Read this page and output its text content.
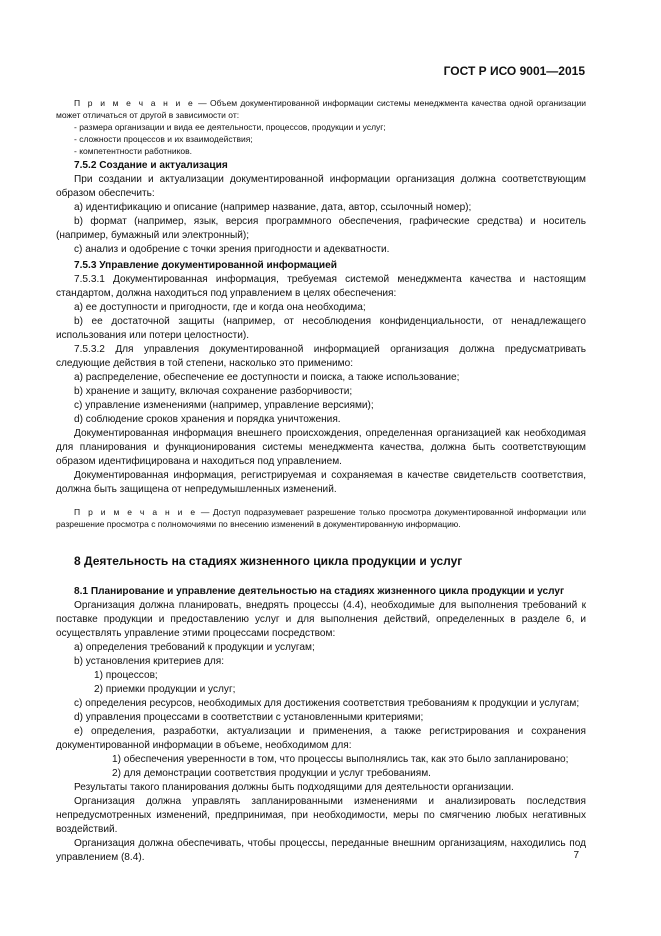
ГОСТ Р ИСО 9001—2015

П р и м е ч а н и е — Объем документированной информации системы менеджмента качества одной организации может отличаться от другой в зависимости от:

- размера организации и вида ее деятельности, процессов, продукции и услуг;

- сложности процессов и их взаимодействия;

- компетентности работников.

7.5.2 Создание и актуализация

При создании и актуализации документированной информации организация должна соответствующим образом обеспечить:

a) идентификацию и описание (например название, дата, автор, ссылочный номер);

b) формат (например, язык, версия программного обеспечения, графические средства) и носитель (например, бумажный или электронный);

c) анализ и одобрение с точки зрения пригодности и адекватности.

7.5.3 Управление документированной информацией

7.5.3.1 Документированная информация, требуемая системой менеджмента качества и настоящим стандартом, должна находиться под управлением в целях обеспечения:

a) ее доступности и пригодности, где и когда она необходима;

b) ее достаточной защиты (например, от несоблюдения конфиденциальности, от ненадлежащего использования или потери целостности).

7.5.3.2 Для управления документированной информацией организация должна предусматривать следующие действия в той степени, насколько это применимо:

a) распределение, обеспечение ее доступности и поиска, а также использование;

b) хранение и защиту, включая сохранение разборчивости;

c) управление изменениями (например, управление версиями);

d) соблюдение сроков хранения и порядка уничтожения.

Документированная информация внешнего происхождения, определенная организацией как необходимая для планирования и функционирования системы менеджмента качества, должна быть соответствующим образом идентифицирована и находиться под управлением.

Документированная информация, регистрируемая и сохраняемая в качестве свидетельств соответствия, должна быть защищена от непредумышленных изменений.

П р и м е ч а н и е — Доступ подразумевает разрешение только просмотра документированной информации или разрешение просмотра с полномочиями по внесению изменений в документированную информацию.

8 Деятельность на стадиях жизненного цикла продукции и услуг

8.1 Планирование и управление деятельностью на стадиях жизненного цикла продукции и услуг

Организация должна планировать, внедрять процессы (4.4), необходимые для выполнения требований к поставке продукции и предоставлению услуг и для выполнения действий, определенных в разделе 6, и осуществлять управление этими процессами посредством:

a) определения требований к продукции и услугам;

b) установления критериев для:

1) процессов;

2) приемки продукции и услуг;

c) определения ресурсов, необходимых для достижения соответствия требованиям к продукции и услугам;

d) управления процессами в соответствии с установленными критериями;

e) определения, разработки, актуализации и применения, а также регистрирования и сохранения документированной информации в объеме, необходимом для:

1) обеспечения уверенности в том, что процессы выполнялись так, как это было запланировано;

2) для демонстрации соответствия продукции и услуг требованиям.

Результаты такого планирования должны быть подходящими для деятельности организации.

Организация должна управлять запланированными изменениями и анализировать последствия непредусмотренных изменений, предпринимая, при необходимости, меры по смягчению любых негативных воздействий.

Организация должна обеспечивать, чтобы процессы, переданные внешним организациям, находились под управлением (8.4).	7
